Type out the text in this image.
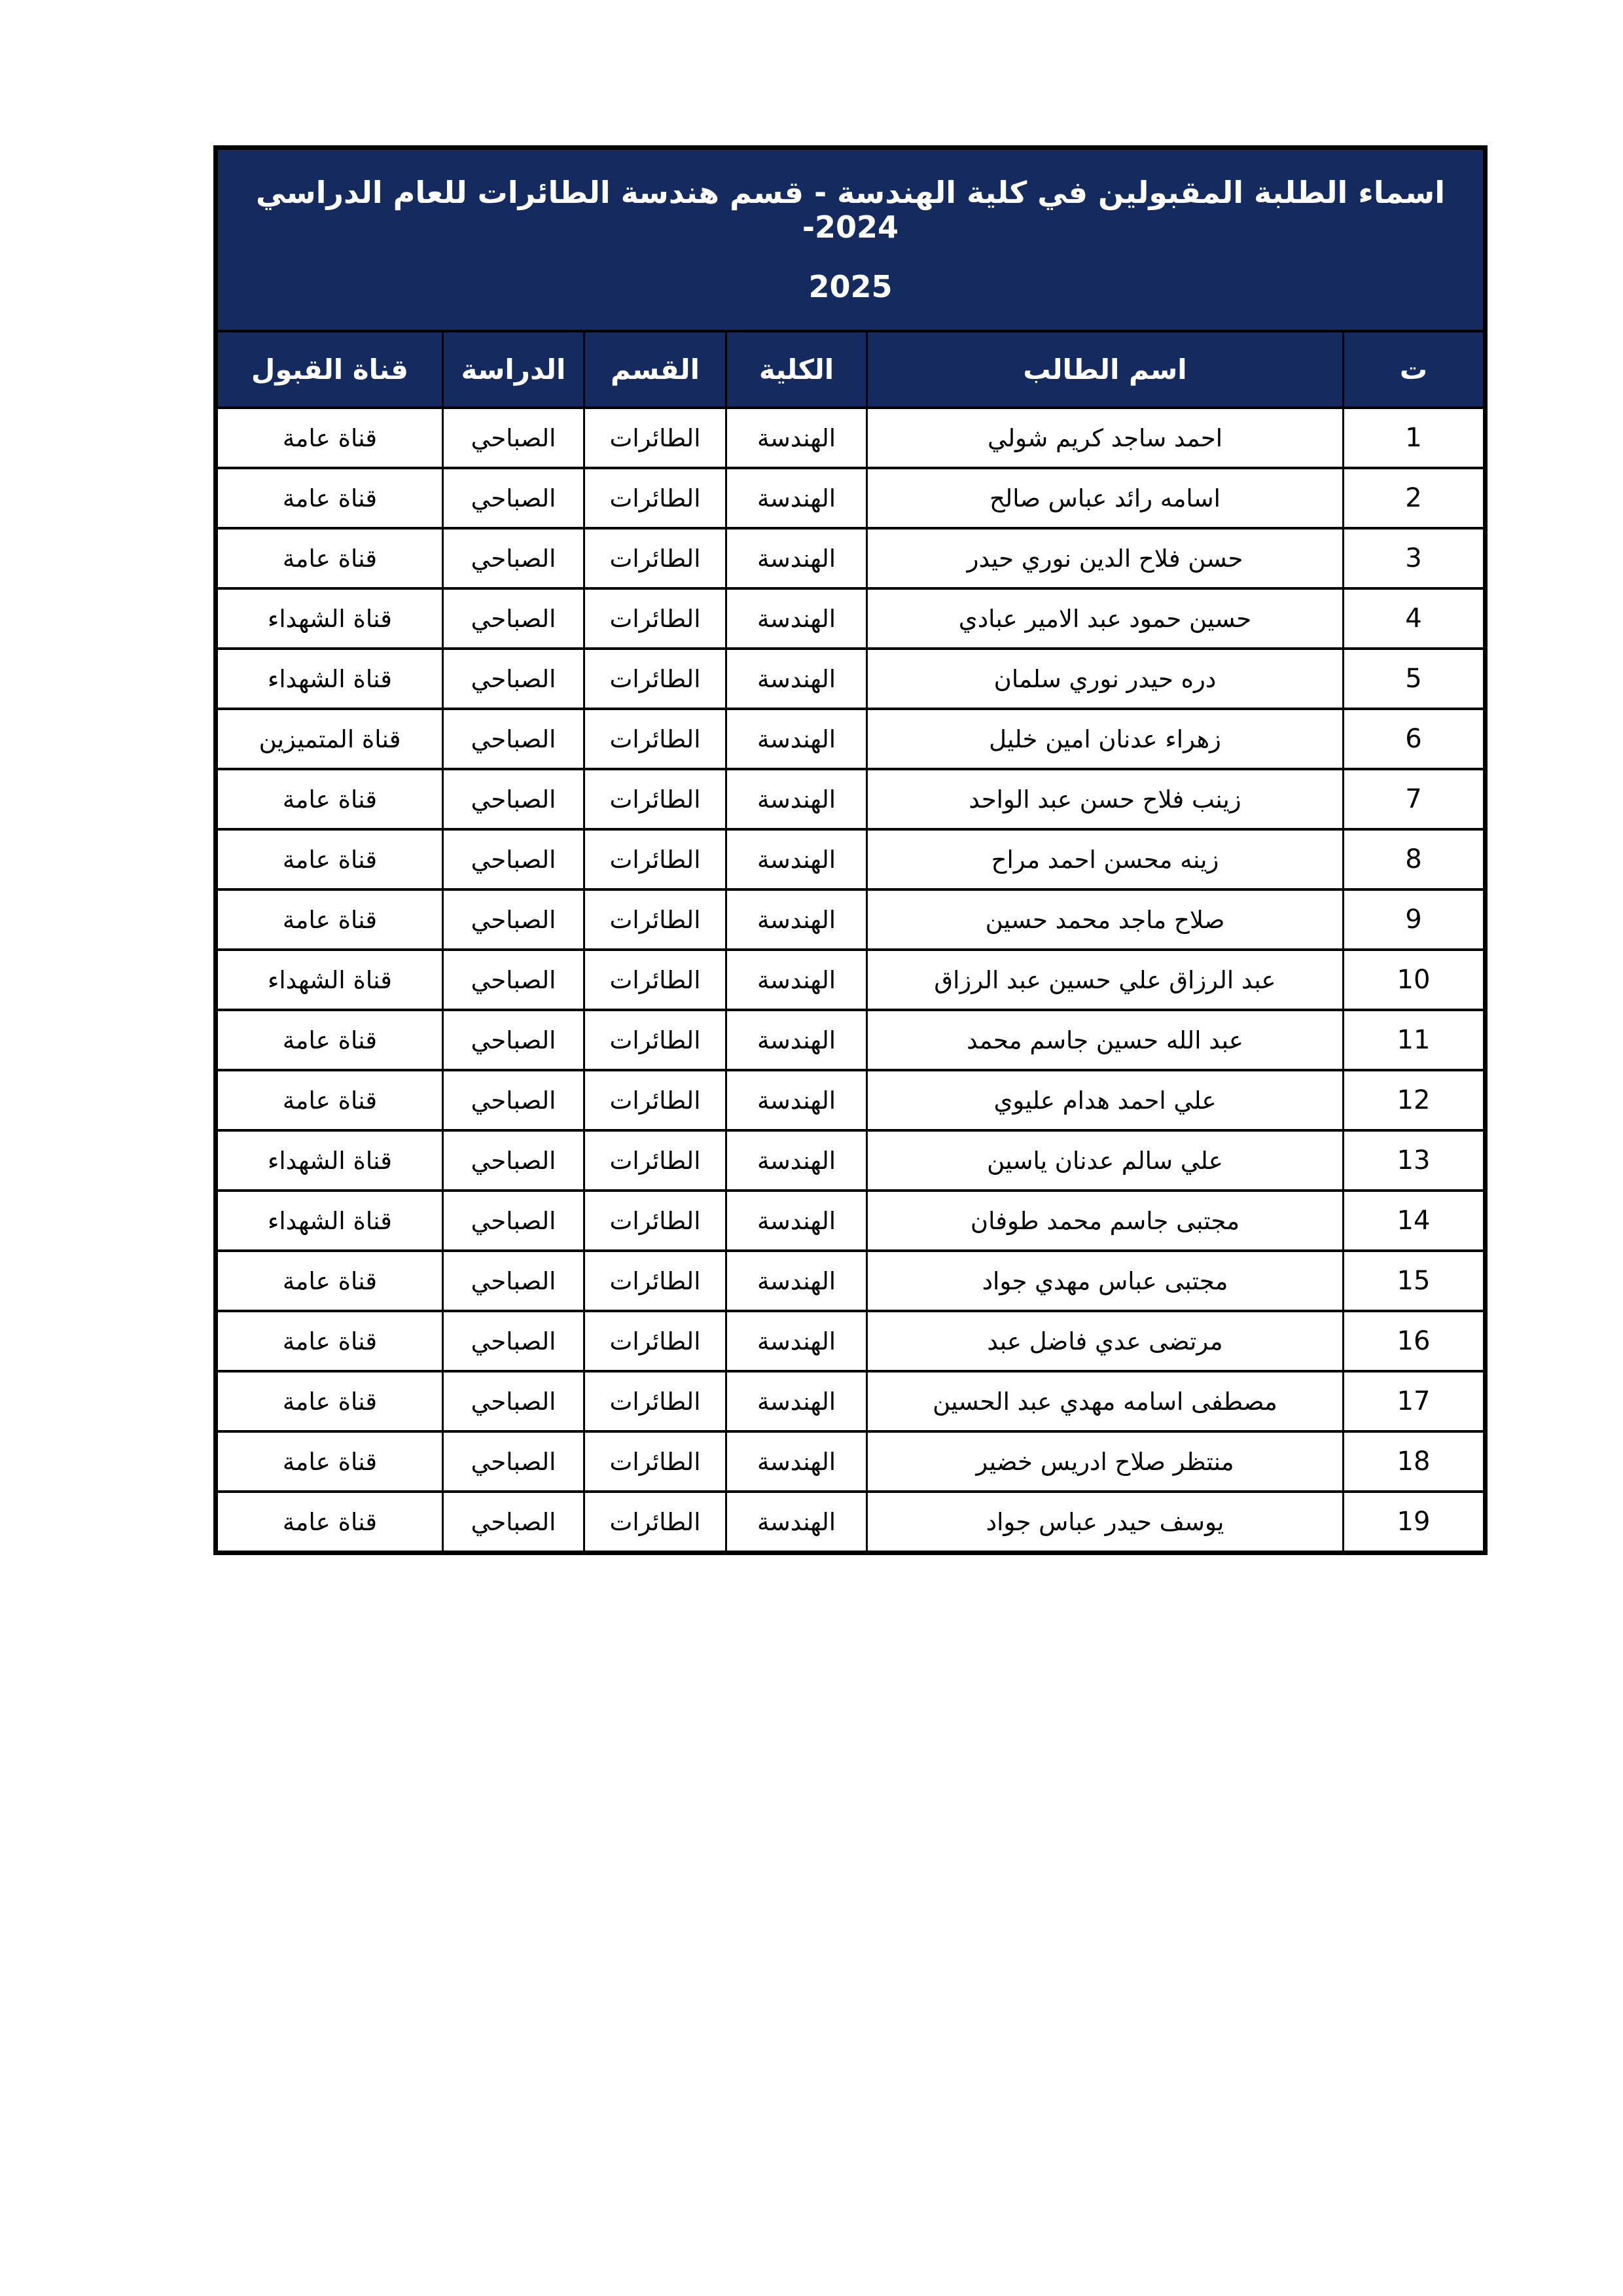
اسماء الطلبة المقبولين في كلية الهندسة - قسم هندسة الطائرات للعام الدراسي 2024-
2025					

ت	اسم الطالب	الكلية	القسم	الدراسة	قناة القبول
1	احمد ساجد كريم شولي	الهندسة	الطائرات	الصباحي	قناة عامة
2	اسامه رائد عباس صالح	الهندسة	الطائرات	الصباحي	قناة عامة
3	حسن فلاح الدين نوري حيدر	الهندسة	الطائرات	الصباحي	قناة عامة
4	حسين حمود عبد الامير عبادي	الهندسة	الطائرات	الصباحي	قناة الشهداء
5	دره حيدر نوري سلمان	الهندسة	الطائرات	الصباحي	قناة الشهداء
6	زهراء عدنان امين خليل	الهندسة	الطائرات	الصباحي	قناة المتميزين
7	زينب فلاح حسن عبد الواحد	الهندسة	الطائرات	الصباحي	قناة عامة
8	زينه محسن احمد مراح	الهندسة	الطائرات	الصباحي	قناة عامة
9	صلاح ماجد محمد حسين	الهندسة	الطائرات	الصباحي	قناة عامة
10	عبد الرزاق علي حسين عبد الرزاق	الهندسة	الطائرات	الصباحي	قناة الشهداء
11	عبد الله حسين جاسم محمد	الهندسة	الطائرات	الصباحي	قناة عامة
12	علي احمد هدام عليوي	الهندسة	الطائرات	الصباحي	قناة عامة
13	علي سالم عدنان ياسين	الهندسة	الطائرات	الصباحي	قناة الشهداء
14	مجتبى جاسم محمد طوفان	الهندسة	الطائرات	الصباحي	قناة الشهداء
15	مجتبى عباس مهدي جواد	الهندسة	الطائرات	الصباحي	قناة عامة
16	مرتضى عدي فاضل عبد	الهندسة	الطائرات	الصباحي	قناة عامة
17	مصطفى اسامه مهدي عبد الحسين	الهندسة	الطائرات	الصباحي	قناة عامة
18	منتظر صلاح ادريس خضير	الهندسة	الطائرات	الصباحي	قناة عامة
19	يوسف حيدر عباس جواد	الهندسة	الطائرات	الصباحي	قناة عامة
